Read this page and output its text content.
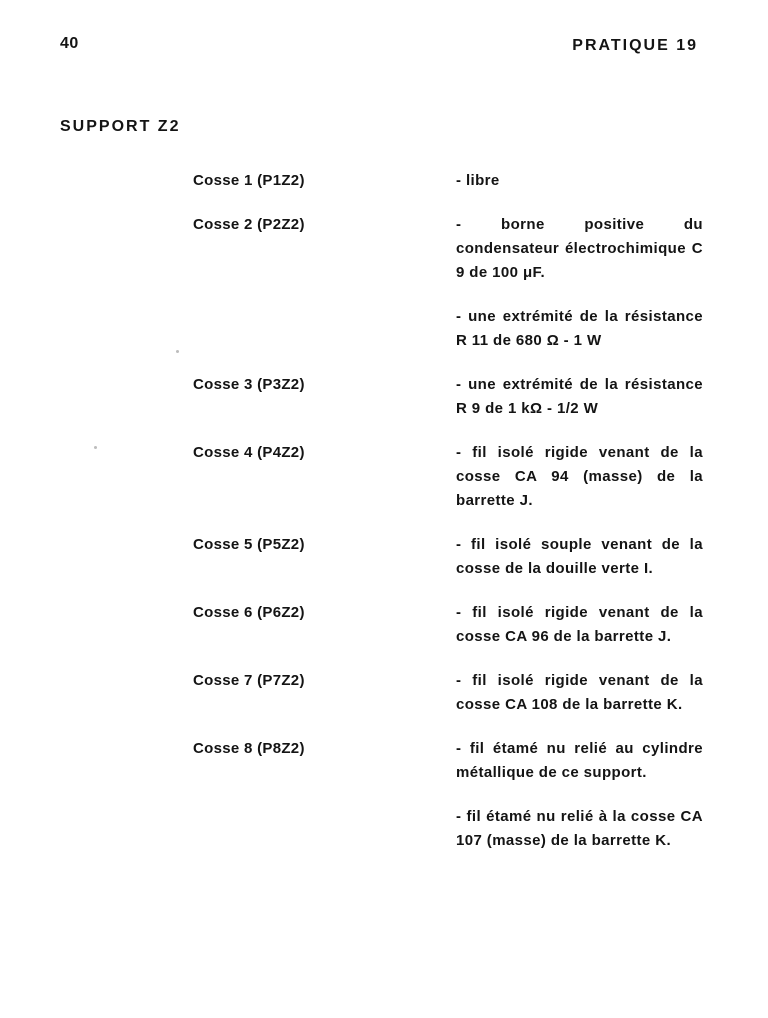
40	PRATIQUE 19
SUPPORT Z2
Cosse 1 (P1Z2)	- libre
Cosse 2 (P2Z2)	- borne positive du condensateur électrochimique C 9 de 100 μF.
- une extrémité de la résistance R 11 de 680 Ω - 1 W
Cosse 3 (P3Z2)	- une extrémité de la résistance R 9 de 1 kΩ - 1/2 W
Cosse 4 (P4Z2)	- fil isolé rigide venant de la cosse CA 94 (masse) de la barrette J.
Cosse 5 (P5Z2)	- fil isolé souple venant de la cosse de la douille verte I.
Cosse 6 (P6Z2)	- fil isolé rigide venant de la cosse CA 96 de la barrette J.
Cosse 7 (P7Z2)	- fil isolé rigide venant de la cosse CA 108 de la barrette K.
Cosse 8 (P8Z2)	- fil étamé nu relié au cylindre métallique de ce support.
- fil étamé nu relié à la cosse CA 107 (masse) de la barrette K.
